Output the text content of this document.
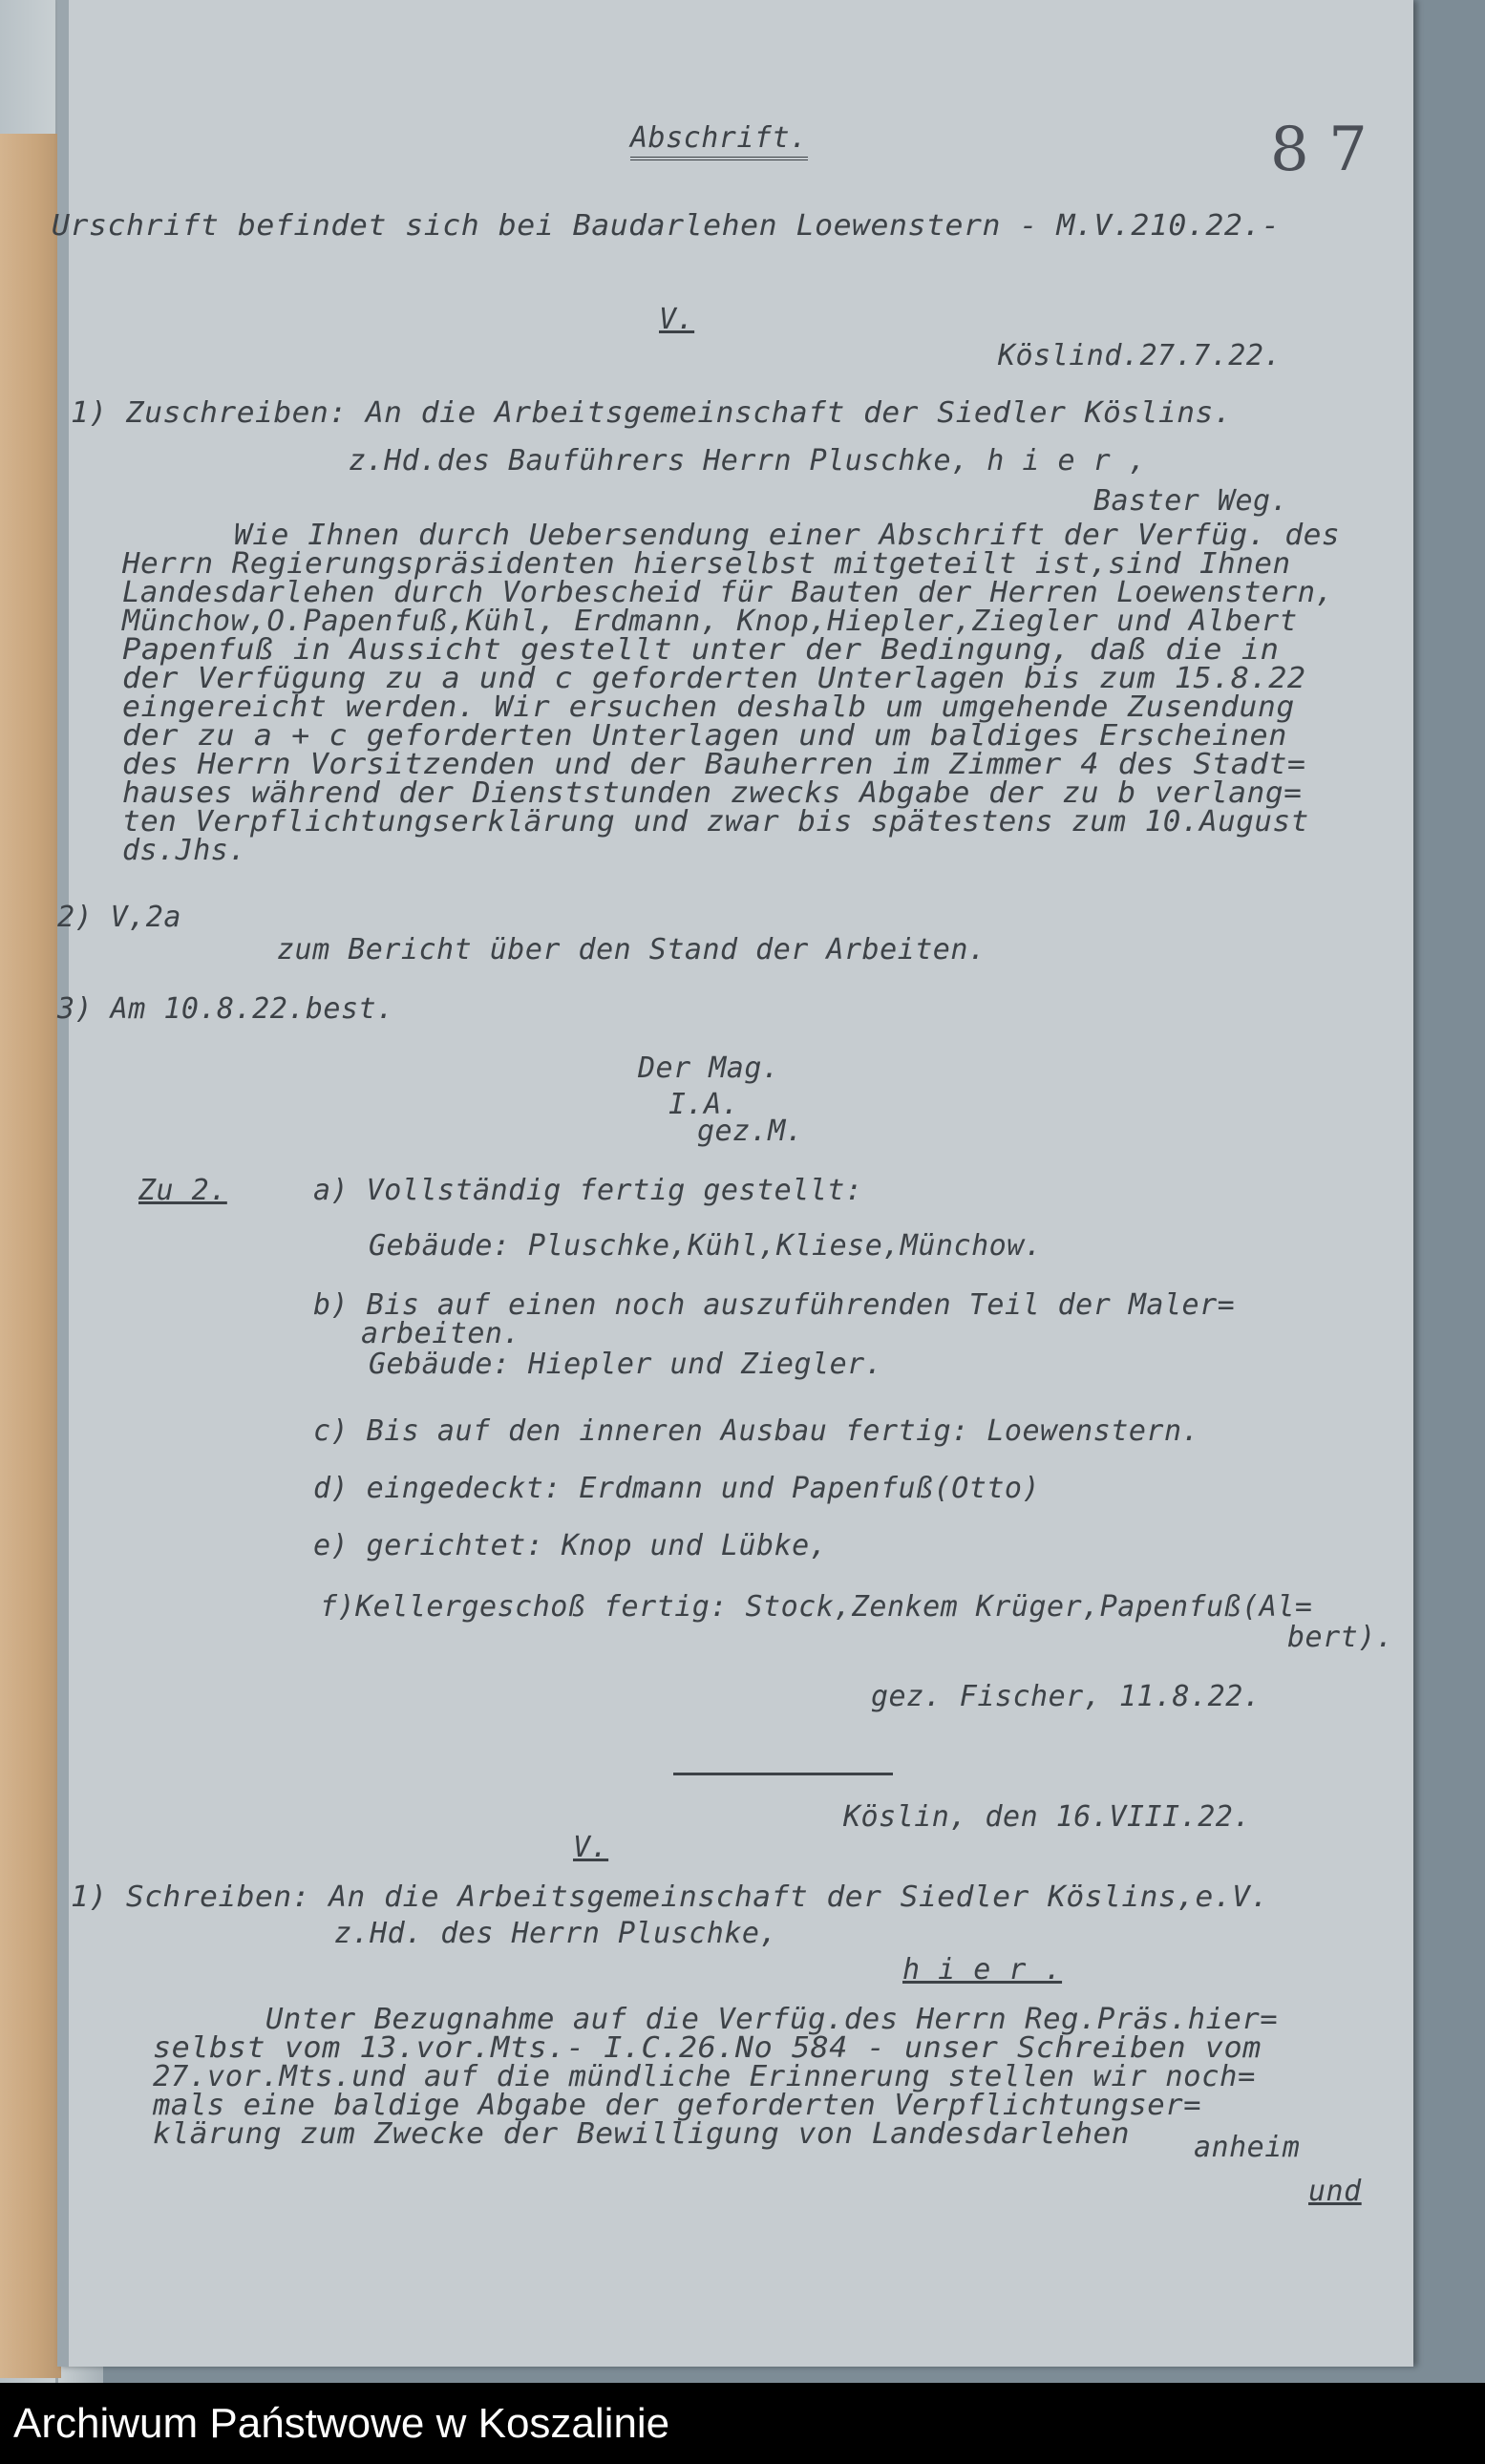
8 7
Abschrift.
Urschrift befindet sich bei Baudarlehen Loewenstern - M.V.210.22.-
V.
Köslind.27.7.22.
1) Zuschreiben: An die Arbeitsgemeinschaft der Siedler Köslins.
z.Hd.des Bauführers Herrn Pluschke, h i e r ,
Baster Weg.
Wie Ihnen durch Uebersendung einer Abschrift der Verfüg. des
Herrn Regierungspräsidenten hierselbst mitgeteilt ist,sind Ihnen
Landesdarlehen durch Vorbescheid für Bauten der Herren Loewenstern,
Münchow,O.Papenfuß,Kühl, Erdmann, Knop,Hiepler,Ziegler und Albert
Papenfuß in Aussicht gestellt unter der Bedingung, daß die in
der Verfügung zu a und c geforderten Unterlagen bis zum 15.8.22
eingereicht werden. Wir ersuchen deshalb um umgehende Zusendung
der zu a + c geforderten Unterlagen und um baldiges Erscheinen
des Herrn Vorsitzenden und der Bauherren im Zimmer 4 des Stadt=
hauses während der Dienststunden zwecks Abgabe der zu b verlang=
ten Verpflichtungserklärung und zwar bis spätestens zum 10.August
ds.Jhs.
2) V,2a
zum Bericht über den Stand der Arbeiten.
3) Am 10.8.22.best.
Der Mag.
I.A.
gez.M.
Zu 2.	a) Vollständig fertig gestellt:
Gebäude: Pluschke,Kühl,Kliese,Münchow.
b) Bis auf einen noch auszuführenden Teil der Maler=
arbeiten.
Gebäude: Hiepler und Ziegler.
c) Bis auf den inneren Ausbau fertig: Loewenstern.
d) eingedeckt: Erdmann und Papenfuß(Otto)
e) gerichtet: Knop und Lübke,
f)Kellergeschoß fertig: Stock,Zenkem Krüger,Papenfuß(Al=
bert).
gez. Fischer, 11.8.22.
Köslin, den 16.VIII.22.
V.
1) Schreiben: An die Arbeitsgemeinschaft der Siedler Köslins,e.V.
z.Hd. des Herrn Pluschke,
h i e r .
Unter Bezugnahme auf die Verfüg.des Herrn Reg.Präs.hier=
selbst vom 13.vor.Mts.- I.C.26.No 584 - unser Schreiben vom
27.vor.Mts.und auf die mündliche Erinnerung stellen wir noch=
mals eine baldige Abgabe der geforderten Verpflichtungser=
klärung zum Zwecke der Bewilligung von Landesdarlehen anheim
und
Archiwum Państwowe w Koszalinie
